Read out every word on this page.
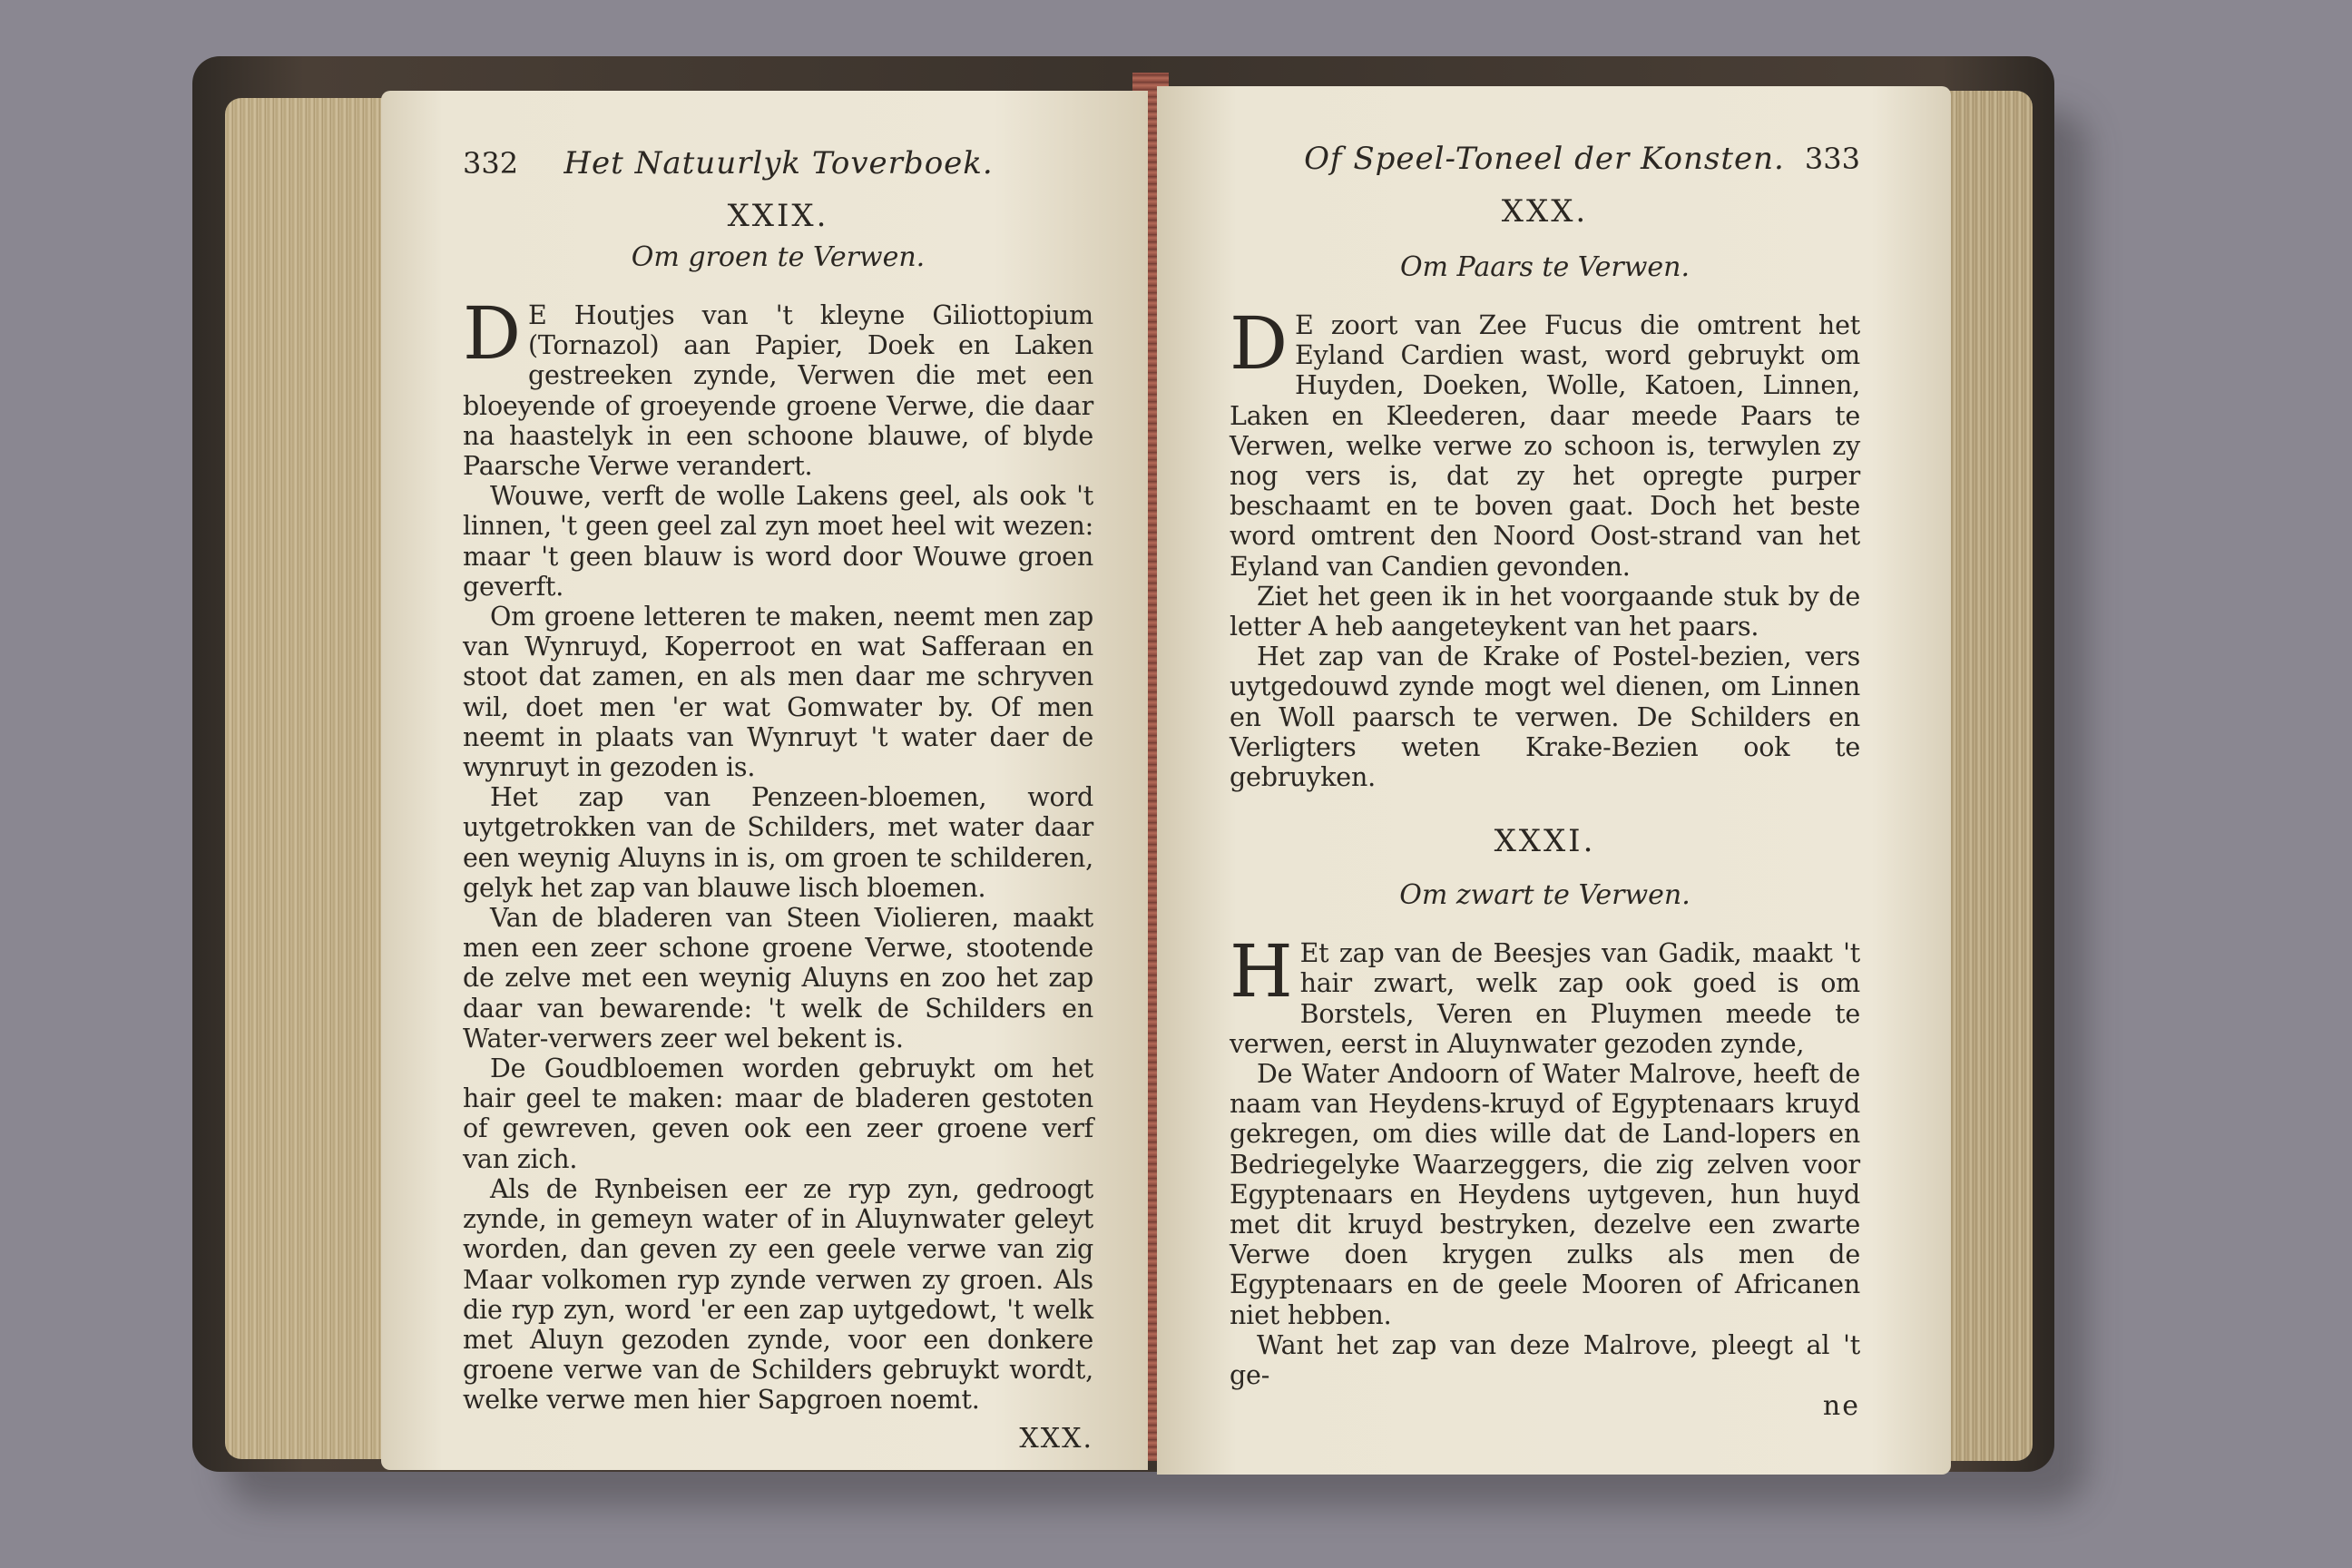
332 Het Natuurlyk Toverboek.
XXIX.
Om groen te Verwen.
D E Houtjes van 't kleyne Giliottopium (Tornazol) aan Papier, Doek en Laken gestreeken zynde, Verwen die met een bloeyende of groeyende groene Verwe, die daar na haastelyk in een schoone blauwe, of blyde Paarsche Verwe verandert.
Wouwe, verft de wolle Lakens geel, als ook 't linnen, 't geen geel zal zyn moet heel wit wezen: maar 't geen blauw is word door Wouwe groen geverft.
Om groene letteren te maken, neemt men zap van Wynruyd, Koperroot en wat Safferaan en stoot dat zamen, en als men daar me schryven wil, doet men 'er wat Gomwater by. Of men neemt in plaats van Wynruyt 't water daer de wynruyt in gezoden is.
Het zap van Penzeen-bloemen, word uytgetrokken van de Schilders, met water daar een weynig Aluyns in is, om groen te schilderen, gelyk het zap van blauwe lisch bloemen.
Van de bladeren van Steen Violieren, maakt men een zeer schone groene Verwe, stootende de zelve met een weynig Aluyns en zoo het zap daar van bewarende: 't welk de Schilders en Water-verwers zeer wel bekent is.
De Goudbloemen worden gebruykt om het hair geel te maken: maar de bladeren gestoten of gewreven, geven ook een zeer groene verf van zich.
Als de Rynbeisen eer ze ryp zyn, gedroogt zynde, in gemeyn water of in Aluynwater geleyt worden, dan geven zy een geele verwe van zig Maar volkomen ryp zynde verwen zy groen. Als die ryp zyn, word 'er een zap uytgedowt, 't welk met Aluyn gezoden zynde, voor een donkere groene verwe van de Schilders gebruykt wordt, welke verwe men hier Sapgroen noemt.
XXX.
Of Speel-Toneel der Konsten. 333
XXX.
Om Paars te Verwen.
D E zoort van Zee Fucus die omtrent het Eyland Cardien wast, word gebruykt om Huyden, Doeken, Wolle, Katoen, Linnen, Laken en Kleederen, daar meede Paars te Verwen, welke verwe zo schoon is, terwylen zy nog vers is, dat zy het opregte purper beschaamt en te boven gaat. Doch het beste word omtrent den Noord Oost-strand van het Eyland van Candien gevonden.
Ziet het geen ik in het voorgaande stuk by de letter A heb aangeteykent van het paars.
Het zap van de Krake of Postel-bezien, vers uytgedouwd zynde mogt wel dienen, om Linnen en Woll paarsch te verwen. De Schilders en Verligters weten Krake-Bezien ook te gebruyken.
XXXI.
Om zwart te Verwen.
H Et zap van de Beesjes van Gadik, maakt 't hair zwart, welk zap ook goed is om Borstels, Veren en Pluymen meede te verwen, eerst in Aluynwater gezoden zynde,
De Water Andoorn of Water Malrove, heeft de naam van Heydens-kruyd of Egyptenaars kruyd gekregen, om dies wille dat de Land-lopers en Bedriegelyke Waarzeggers, die zig zelven voor Egyptenaars en Heydens uytgeven, hun huyd met dit kruyd bestryken, dezelve een zwarte Verwe doen krygen zulks als men de Egyptenaars en de geele Mooren of Africanen niet hebben.
Want het zap van deze Malrove, pleegt al 't ge-
ne
